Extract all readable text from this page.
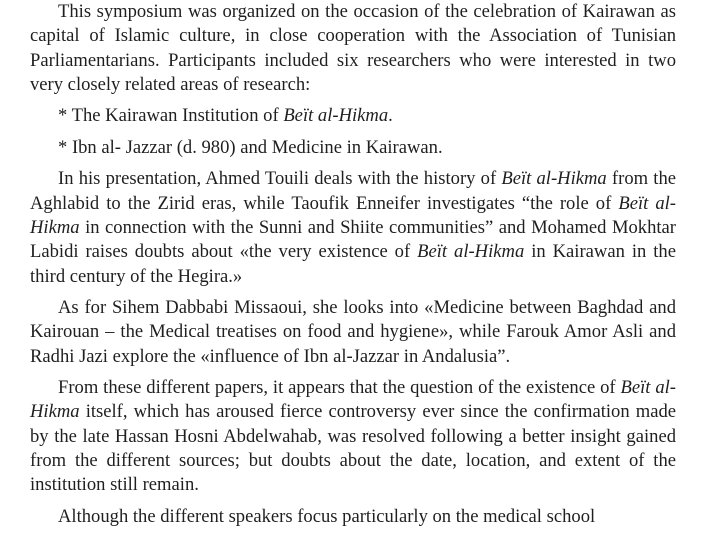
This symposium was organized on the occasion of the celebration of Kairawan as capital of Islamic culture, in close cooperation with the Association of Tunisian Parliamentarians. Participants included six researchers who were interested in two very closely related areas of research:

* The Kairawan Institution of Beït al-Hikma.

* Ibn al- Jazzar (d. 980) and Medicine in Kairawan.

In his presentation, Ahmed Touili deals with the history of Beït al-Hikma from the Aghlabid to the Zirid eras, while Taoufik Enneifer investigates “the role of Beït al-Hikma in connection with the Sunni and Shiite communities” and Mohamed Mokhtar Labidi raises doubts about «the very existence of Beït al-Hikma in Kairawan in the third century of the Hegira.»

As for Sihem Dabbabi Missaoui, she looks into «Medicine between Baghdad and Kairouan – the Medical treatises on food and hygiene», while Farouk Amor Asli and Radhi Jazi explore the «influence of Ibn al-Jazzar in Andalusia”.

From these different papers, it appears that the question of the existence of Beït al-Hikma itself, which has aroused fierce controversy ever since the confirmation made by the late Hassan Hosni Abdelwahab, was resolved following a better insight gained from the different sources; but doubts about the date, location, and extent of the institution still remain.

Although the different speakers focus particularly on the medical school
